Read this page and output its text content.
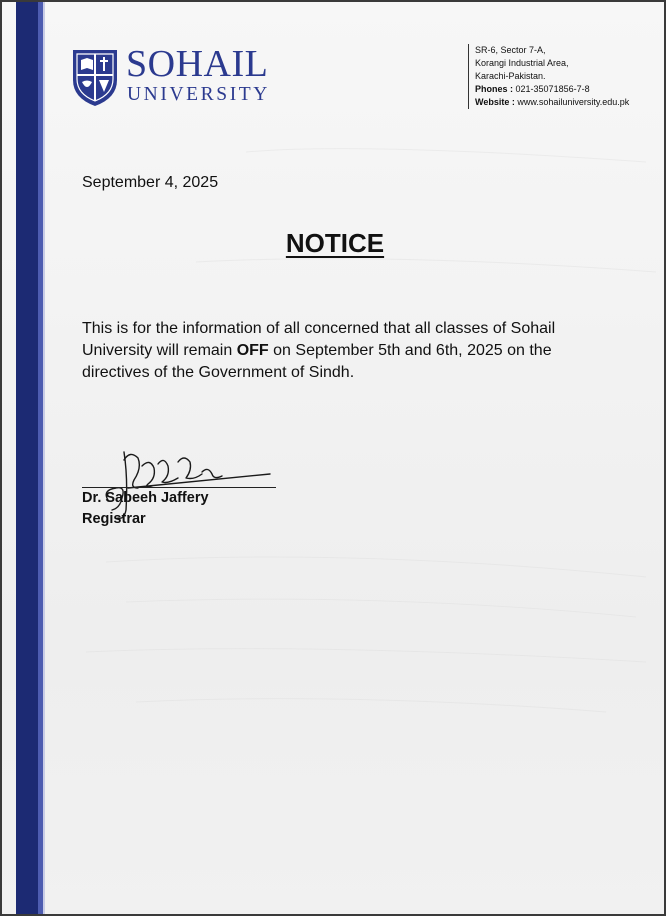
SOHAIL
UNIVERSITY
SR-6, Sector 7-A,
Korangi Industrial Area,
Karachi-Pakistan.
Phones : 021-35071856-7-8
Website : www.sohailuniversity.edu.pk
September 4, 2025
NOTICE
This is for the information of all concerned that all classes of Sohail
University will remain OFF on September 5th and 6th, 2025 on the
directives of the Government of Sindh.
Dr. Sabeeh Jaffery
Registrar
